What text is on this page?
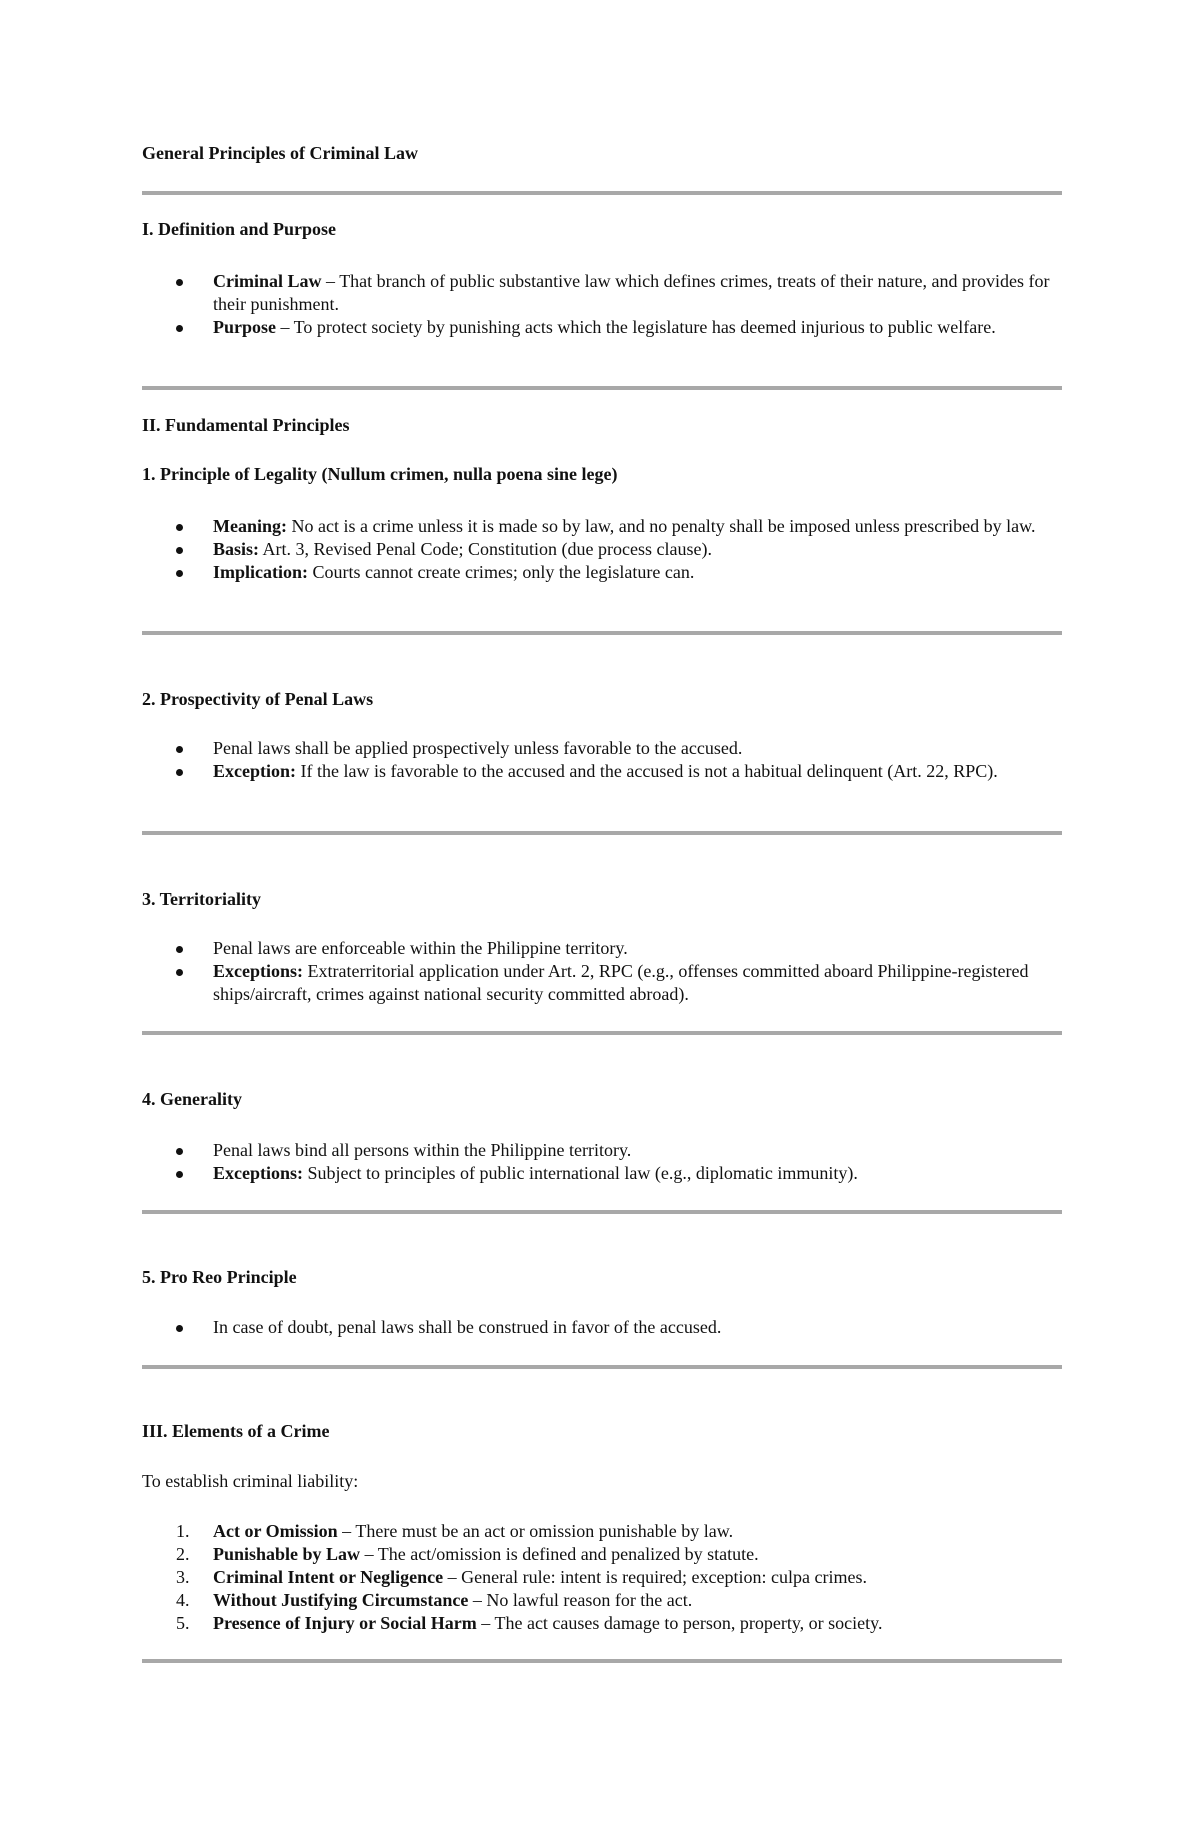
General Principles of Criminal Law

I. Definition and Purpose

Criminal Law – That branch of public substantive law which defines crimes, treats of their nature, and provides for their punishment.
Purpose – To protect society by punishing acts which the legislature has deemed injurious to public welfare.

II. Fundamental Principles

1. Principle of Legality (Nullum crimen, nulla poena sine lege)

Meaning: No act is a crime unless it is made so by law, and no penalty shall be imposed unless prescribed by law.
Basis: Art. 3, Revised Penal Code; Constitution (due process clause).
Implication: Courts cannot create crimes; only the legislature can.

2. Prospectivity of Penal Laws

Penal laws shall be applied prospectively unless favorable to the accused.
Exception: If the law is favorable to the accused and the accused is not a habitual delinquent (Art. 22, RPC).

3. Territoriality

Penal laws are enforceable within the Philippine territory.
Exceptions: Extraterritorial application under Art. 2, RPC (e.g., offenses committed aboard Philippine-registered ships/aircraft, crimes against national security committed abroad).

4. Generality

Penal laws bind all persons within the Philippine territory.
Exceptions: Subject to principles of public international law (e.g., diplomatic immunity).

5. Pro Reo Principle

In case of doubt, penal laws shall be construed in favor of the accused.

III. Elements of a Crime

To establish criminal liability:

1. Act or Omission – There must be an act or omission punishable by law.
2. Punishable by Law – The act/omission is defined and penalized by statute.
3. Criminal Intent or Negligence – General rule: intent is required; exception: culpa crimes.
4. Without Justifying Circumstance – No lawful reason for the act.
5. Presence of Injury or Social Harm – The act causes damage to person, property, or society.
